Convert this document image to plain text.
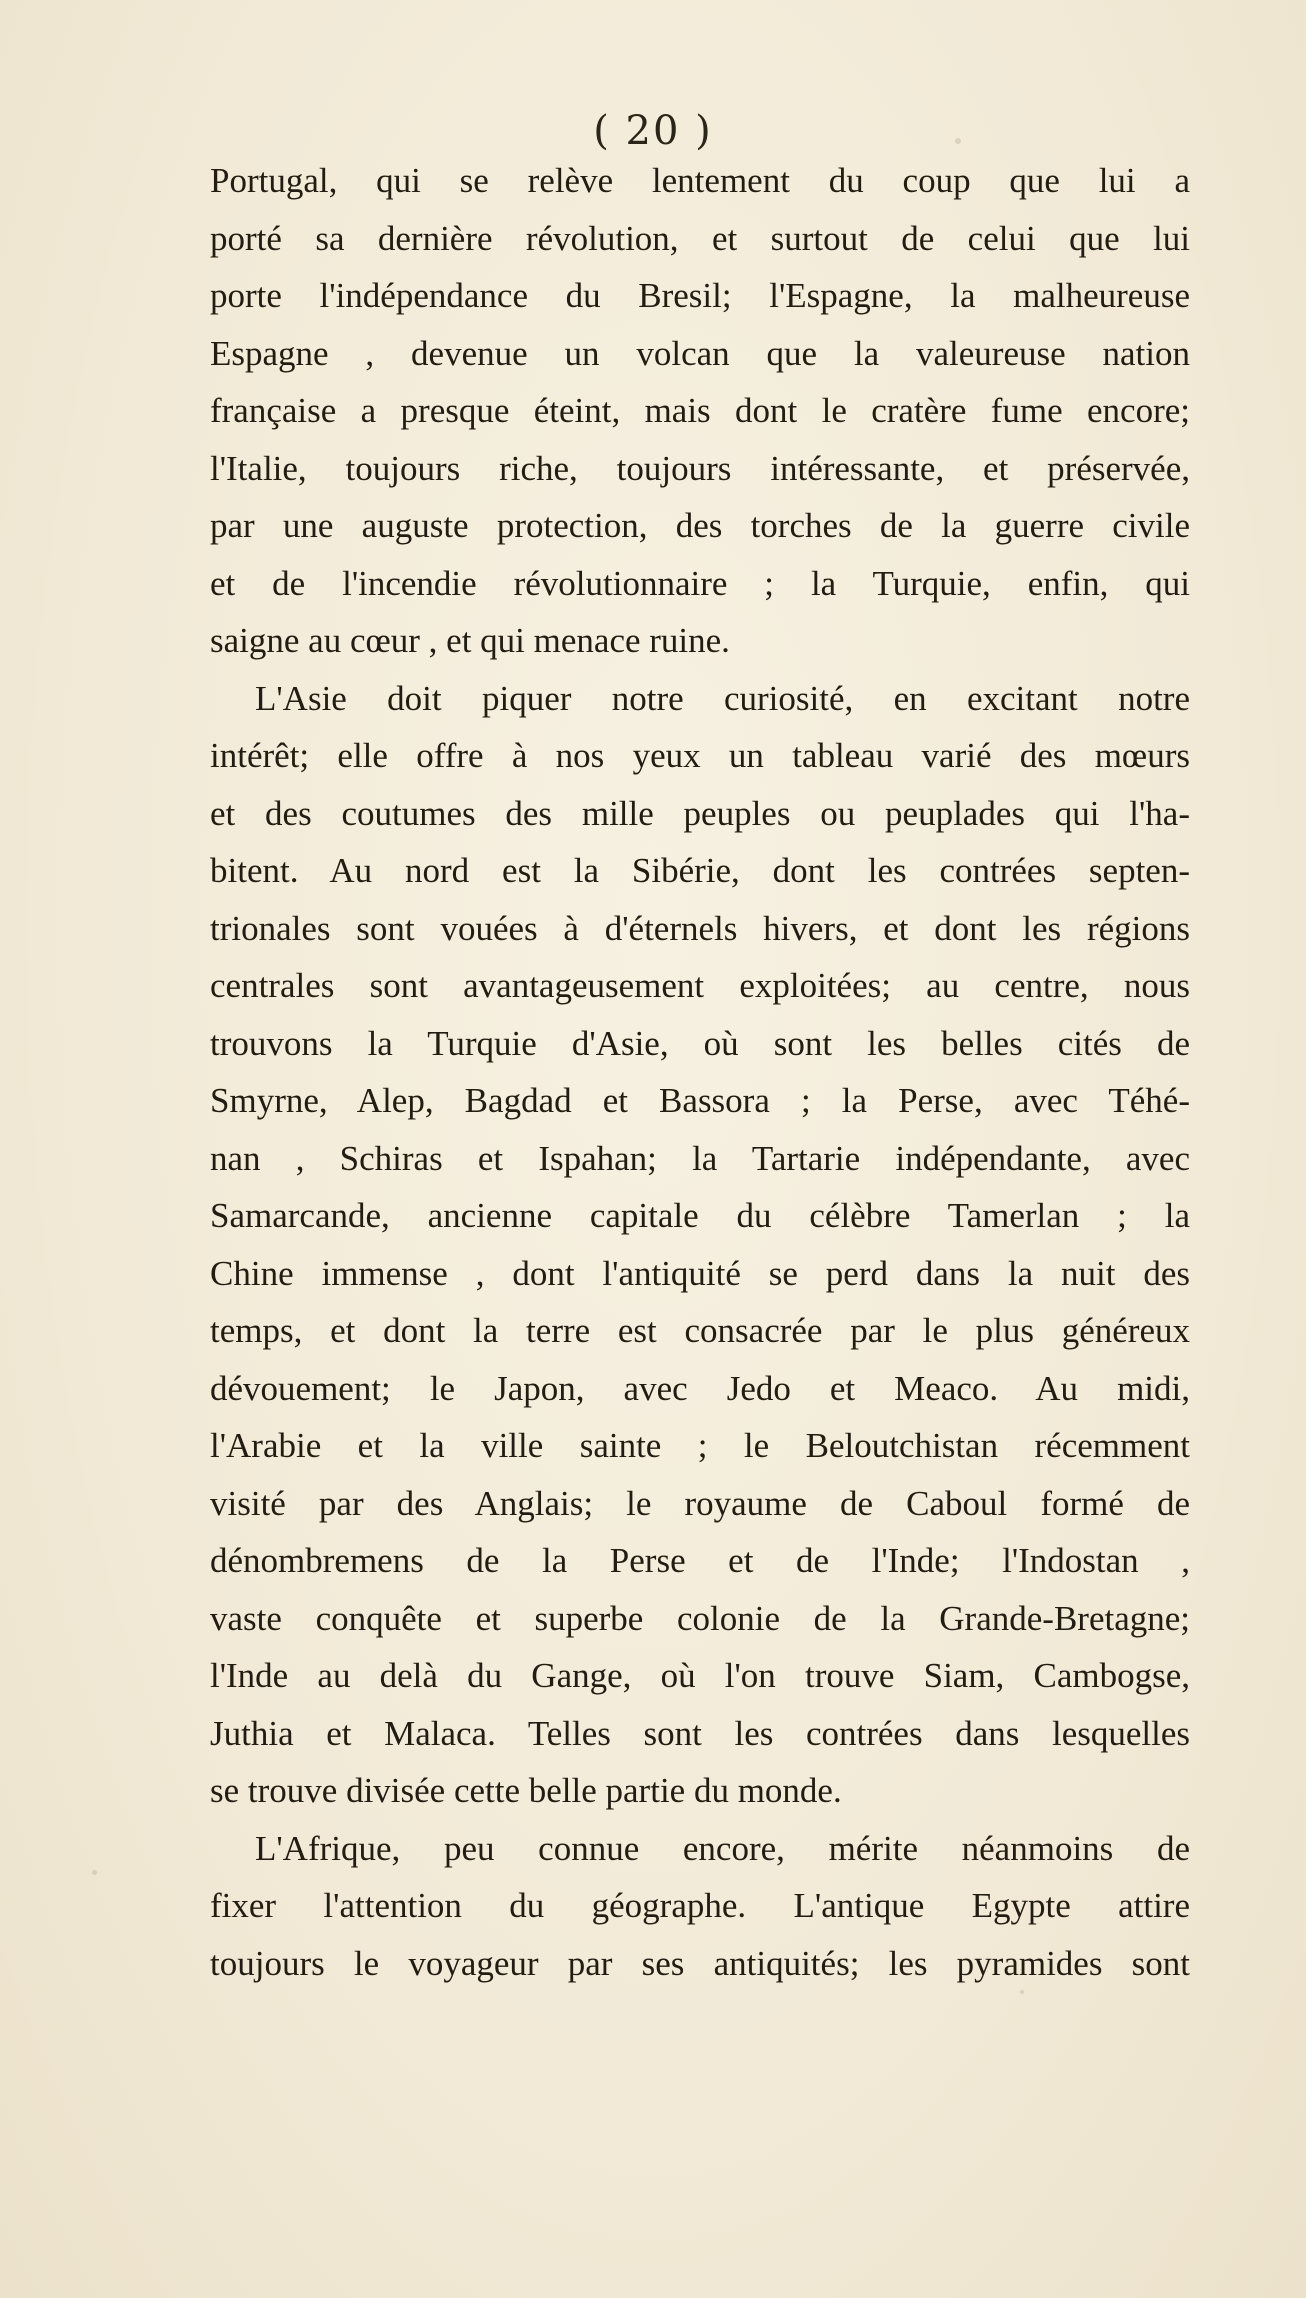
( 20 )
Portugal, qui se relève lentement du coup que lui a
porté sa dernière révolution, et surtout de celui que lui
porte l'indépendance du Bresil; l'Espagne, la malheureuse
Espagne , devenue un volcan que la valeureuse nation
française a presque éteint, mais dont le cratère fume encore;
l'Italie, toujours riche, toujours intéressante, et préservée,
par une auguste protection, des torches de la guerre civile
et de l'incendie révolutionnaire ; la Turquie, enfin, qui
saigne au cœur , et qui menace ruine.
L'Asie doit piquer notre curiosité, en excitant notre
intérêt; elle offre à nos yeux un tableau varié des mœurs
et des coutumes des mille peuples ou peuplades qui l'ha-
bitent. Au nord est la Sibérie, dont les contrées septen-
trionales sont vouées à d'éternels hivers, et dont les régions
centrales sont avantageusement exploitées; au centre, nous
trouvons la Turquie d'Asie, où sont les belles cités de
Smyrne, Alep, Bagdad et Bassora ; la Perse, avec Téhé-
nan , Schiras et Ispahan; la Tartarie indépendante, avec
Samarcande, ancienne capitale du célèbre Tamerlan ; la
Chine immense , dont l'antiquité se perd dans la nuit des
temps, et dont la terre est consacrée par le plus généreux
dévouement; le Japon, avec Jedo et Meaco. Au midi,
l'Arabie et la ville sainte ; le Beloutchistan récemment
visité par des Anglais; le royaume de Caboul formé de
dénombremens de la Perse et de l'Inde; l'Indostan ,
vaste conquête et superbe colonie de la Grande-Bretagne;
l'Inde au delà du Gange, où l'on trouve Siam, Cambogse,
Juthia et Malaca. Telles sont les contrées dans lesquelles
se trouve divisée cette belle partie du monde.
L'Afrique, peu connue encore, mérite néanmoins de
fixer l'attention du géographe. L'antique Egypte attire
toujours le voyageur par ses antiquités; les pyramides sont
